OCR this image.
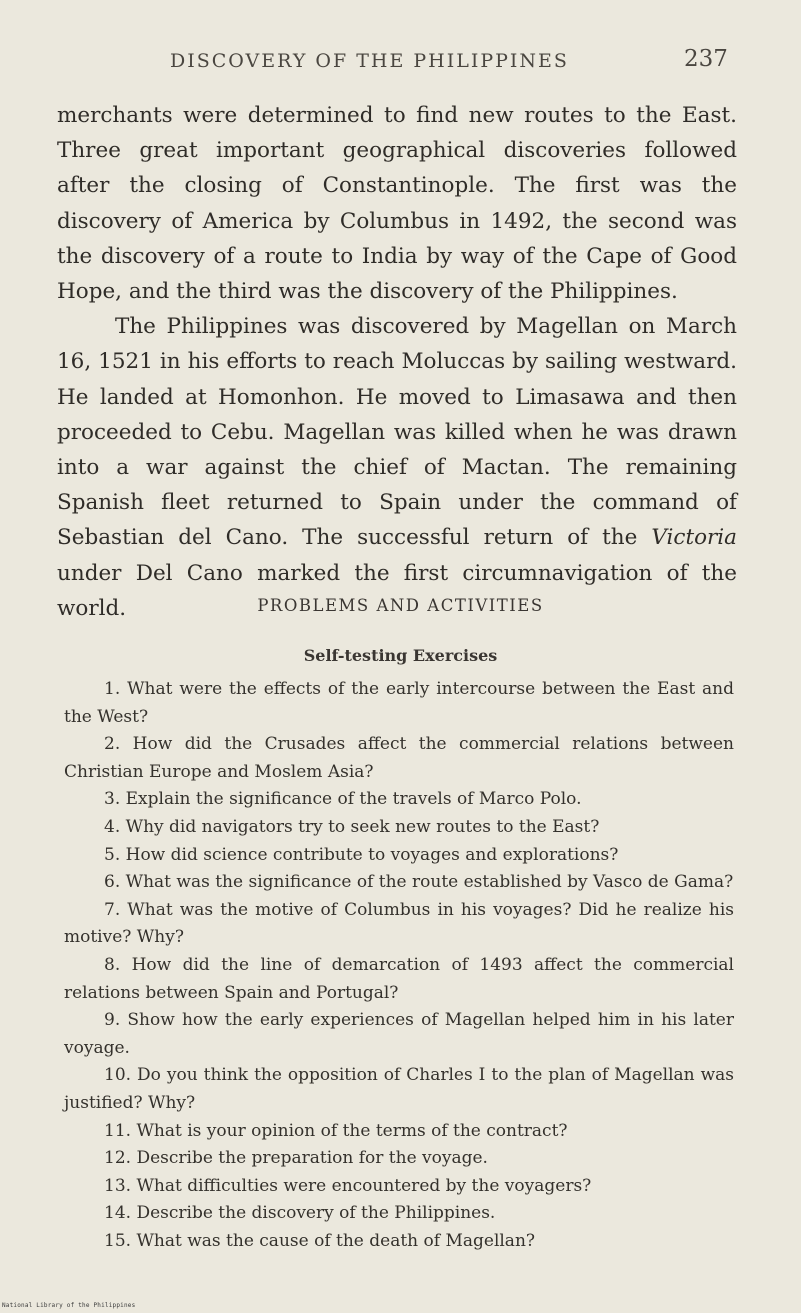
DISCOVERY OF THE PHILIPPINES	237

merchants were determined to find new routes to the East. Three great important geographical discoveries followed after the closing of Constantinople. The first was the discovery of America by Columbus in 1492, the second was the discovery of a route to India by way of the Cape of Good Hope, and the third was the discovery of the Philippines.

The Philippines was discovered by Magellan on March 16, 1521 in his efforts to reach Moluccas by sailing westward. He landed at Homonhon. He moved to Limasawa and then proceeded to Cebu. Magellan was killed when he was drawn into a war against the chief of Mactan. The remaining Spanish fleet returned to Spain under the command of Sebastian del Cano. The successful return of the Victoria under Del Cano marked the first circumnavigation of the world.	PROBLEMS AND ACTIVITIES
Self-testing Exercises

1. What were the effects of the early intercourse between the East and the West?

2. How did the Crusades affect the commercial relations between Christian Europe and Moslem Asia?

3. Explain the significance of the travels of Marco Polo.

4. Why did navigators try to seek new routes to the East?

5. How did science contribute to voyages and explorations?

6. What was the significance of the route established by Vasco de Gama?

7. What was the motive of Columbus in his voyages? Did he realize his motive? Why?

8. How did the line of demarcation of 1493 affect the commercial relations between Spain and Portugal?

9. Show how the early experiences of Magellan helped him in his later voyage.

10. Do you think the opposition of Charles I to the plan of Magellan was justified? Why?

11. What is your opinion of the terms of the contract?

12. Describe the preparation for the voyage.

13. What difficulties were encountered by the voyagers?

14. Describe the discovery of the Philippines.

15. What was the cause of the death of Magellan?

National Library of the Philippines
